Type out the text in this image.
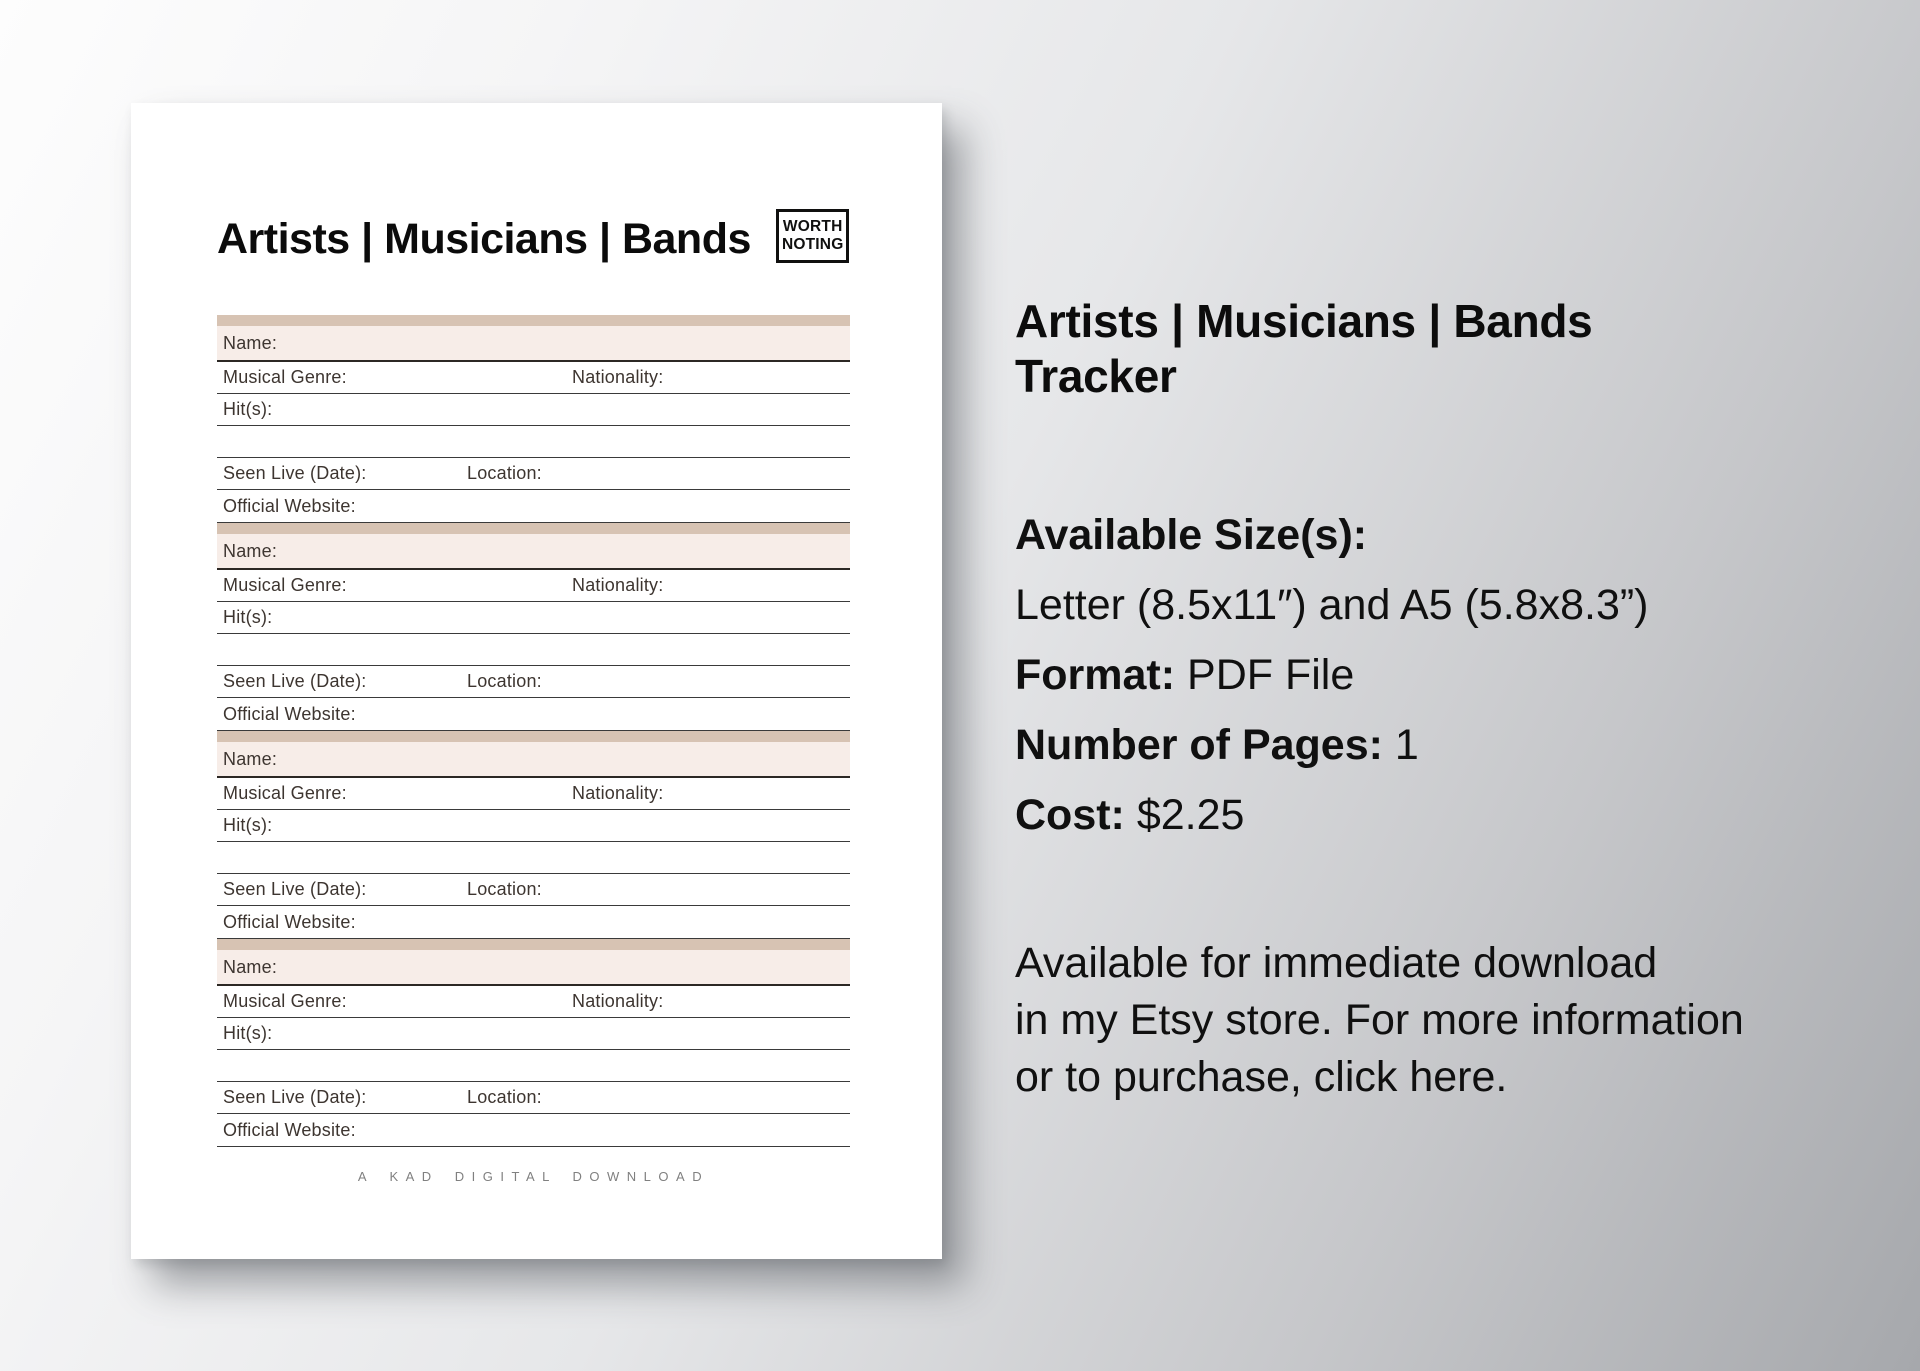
Artists | Musicians | Bands WORTH
NOTING
Name:
Musical Genre:	Nationality:
Hit(s):
Seen Live (Date):	Location:
Official Website:
Name:
Musical Genre:	Nationality:
Hit(s):
Seen Live (Date):	Location:
Official Website:
Name:
Musical Genre:	Nationality:
Hit(s):
Seen Live (Date):	Location:
Official Website:
Name:
Musical Genre:	Nationality:
Hit(s):
Seen Live (Date):	Location:
Official Website:
A KAD DIGITAL DOWNLOAD
Artists | Musicians | Bands
Tracker
Available Size(s):
Letter (8.5x11″) and A5 (5.8x8.3”)
Format: PDF File
Number of Pages: 1
Cost: $2.25
Available for immediate download
in my Etsy store. For more information
or to purchase, click here.
